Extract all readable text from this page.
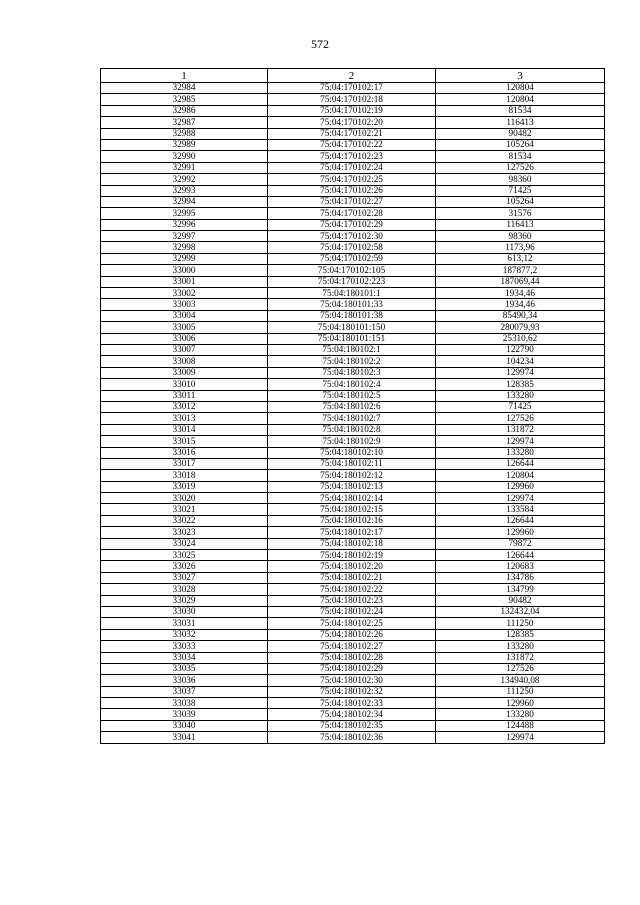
572
1	2	3
32984	75:04:170102:17	120804
32985	75:04:170102:18	120804
32986	75:04:170102:19	81534
32987	75:04:170102:20	116413
32988	75:04:170102:21	90482
32989	75:04:170102:22	105264
32990	75:04:170102:23	81534
32991	75:04:170102:24	127526
32992	75:04:170102:25	98360
32993	75:04:170102:26	71425
32994	75:04:170102:27	105264
32995	75:04:170102:28	31576
32996	75:04:170102:29	116413
32997	75:04:170102:30	98360
32998	75:04:170102:58	1173,96
32999	75:04:170102:59	613,12
33000	75:04:170102:105	187877,2
33001	75:04:170102:223	187069,44
33002	75:04:180101:1	1934,46
33003	75:04:180101:33	1934,46
33004	75:04:180101:38	85490,34
33005	75:04:180101:150	280079,93
33006	75:04:180101:151	25310,62
33007	75:04:180102:1	122790
33008	75:04:180102:2	104234
33009	75:04:180102:3	129974
33010	75:04:180102:4	128385
33011	75:04:180102:5	133280
33012	75:04:180102:6	71425
33013	75:04:180102:7	127526
33014	75:04:180102:8	131872
33015	75:04:180102:9	129974
33016	75:04:180102:10	133280
33017	75:04:180102:11	126644
33018	75:04:180102:12	120804
33019	75:04:180102:13	129960
33020	75:04:180102:14	129974
33021	75:04:180102:15	133584
33022	75:04:180102:16	126644
33023	75:04:180102:17	129960
33024	75:04:180102:18	79872
33025	75:04:180102:19	126644
33026	75:04:180102:20	120683
33027	75:04:180102:21	134786
33028	75:04:180102:22	134799
33029	75:04:180102:23	90482
33030	75:04:180102:24	132432,04
33031	75:04:180102:25	111250
33032	75:04:180102:26	128385
33033	75:04:180102:27	133280
33034	75:04:180102:28	131872
33035	75:04:180102:29	127526
33036	75:04:180102:30	134940,08
33037	75:04:180102:32	111250
33038	75:04:180102:33	129960
33039	75:04:180102:34	133280
33040	75:04:180102:35	124488
33041	75:04:180102:36	129974
